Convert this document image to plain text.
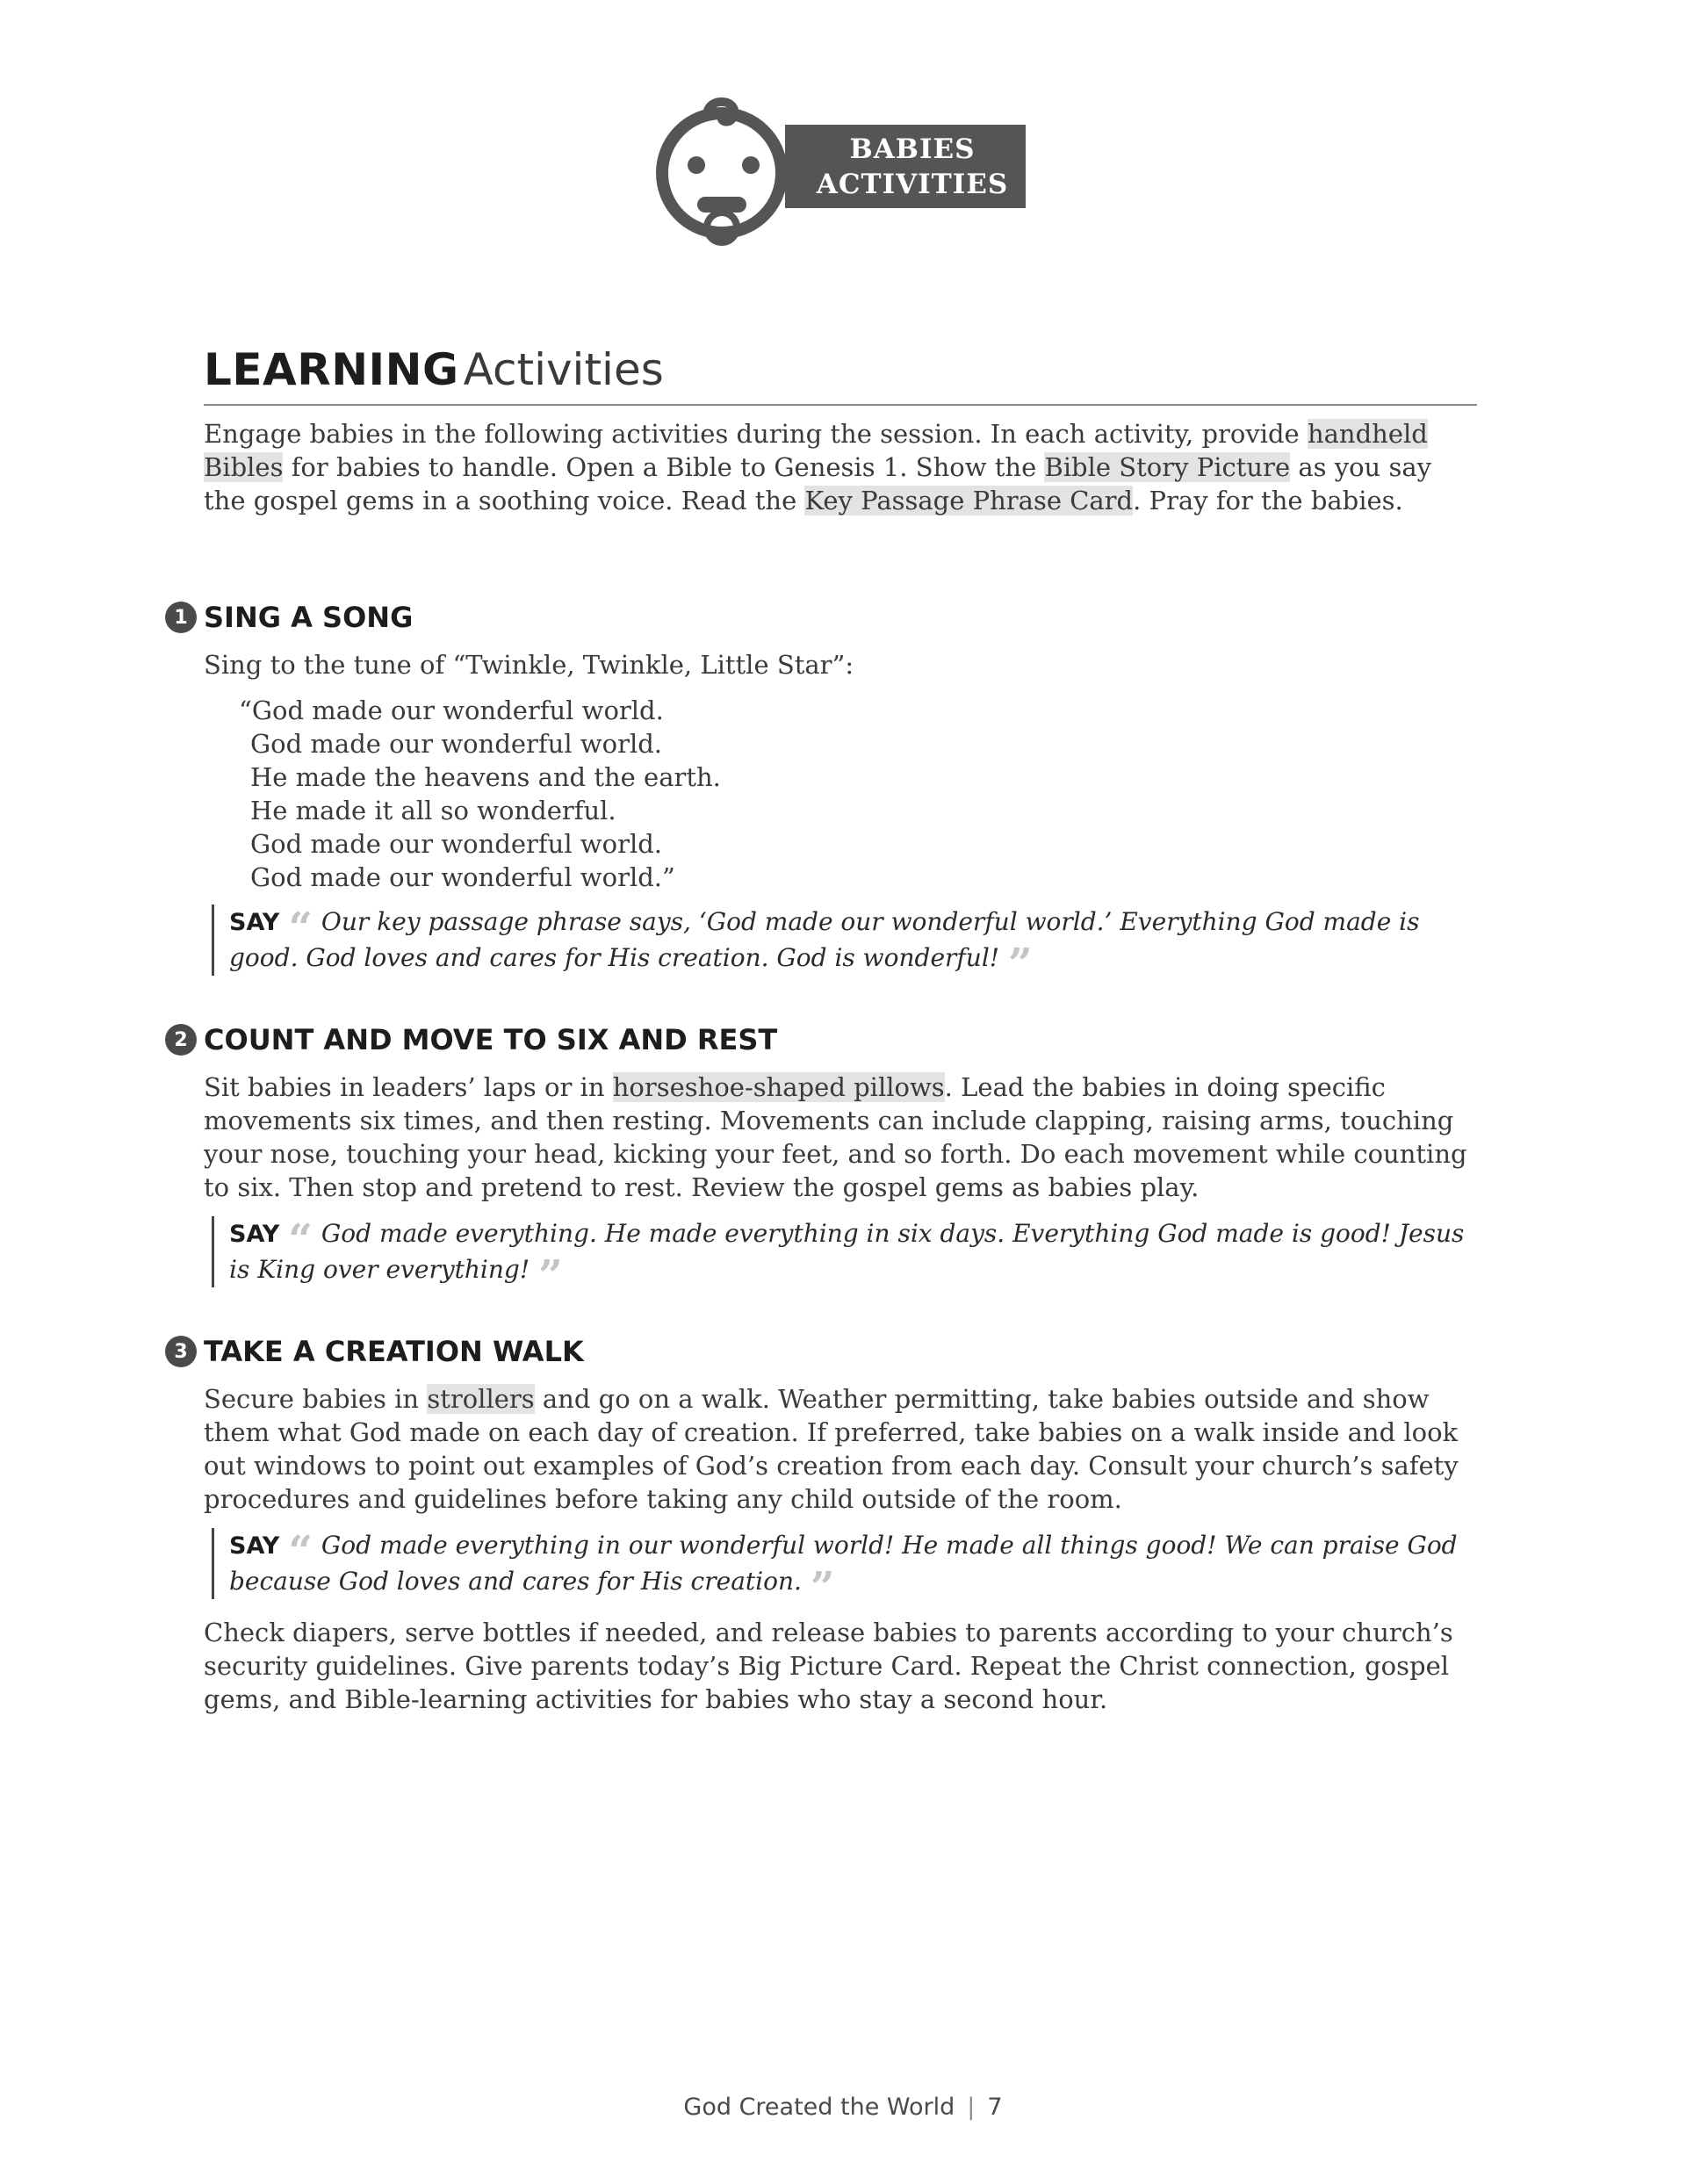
BABIES
ACTIVITIES
LEARNING Activities
Engage babies in the following activities during the session. In each activity, provide handheld Bibles for babies to handle. Open a Bible to Genesis 1. Show the Bible Story Picture as you say the gospel gems in a soothing voice. Read the Key Passage Phrase Card. Pray for the babies.
1 SING A SONG
Sing to the tune of “Twinkle, Twinkle, Little Star”:
“God made our wonderful world.
God made our wonderful world.
He made the heavens and the earth.
He made it all so wonderful.
God made our wonderful world.
God made our wonderful world.”

SAY “ Our key passage phrase says, ‘God made our wonderful world.’ Everything God made is good. God loves and cares for His creation. God is wonderful! ”

2 COUNT AND MOVE TO SIX AND REST
Sit babies in leaders’ laps or in horseshoe-shaped pillows. Lead the babies in doing specific movements six times, and then resting. Movements can include clapping, raising arms, touching your nose, touching your head, kicking your feet, and so forth. Do each movement while counting to six. Then stop and pretend to rest. Review the gospel gems as babies play.

SAY “ God made everything. He made everything in six days. Everything God made is good! Jesus is King over everything! ”

3 TAKE A CREATION WALK
Secure babies in strollers and go on a walk. Weather permitting, take babies outside and show them what God made on each day of creation. If preferred, take babies on a walk inside and look out windows to point out examples of God’s creation from each day. Consult your church’s safety procedures and guidelines before taking any child outside of the room.

SAY “ God made everything in our wonderful world! He made all things good! We can praise God because God loves and cares for His creation. ”

Check diapers, serve bottles if needed, and release babies to parents according to your church’s security guidelines. Give parents today’s Big Picture Card. Repeat the Christ connection, gospel gems, and Bible-learning activities for babies who stay a second hour.
God Created the World | 7
